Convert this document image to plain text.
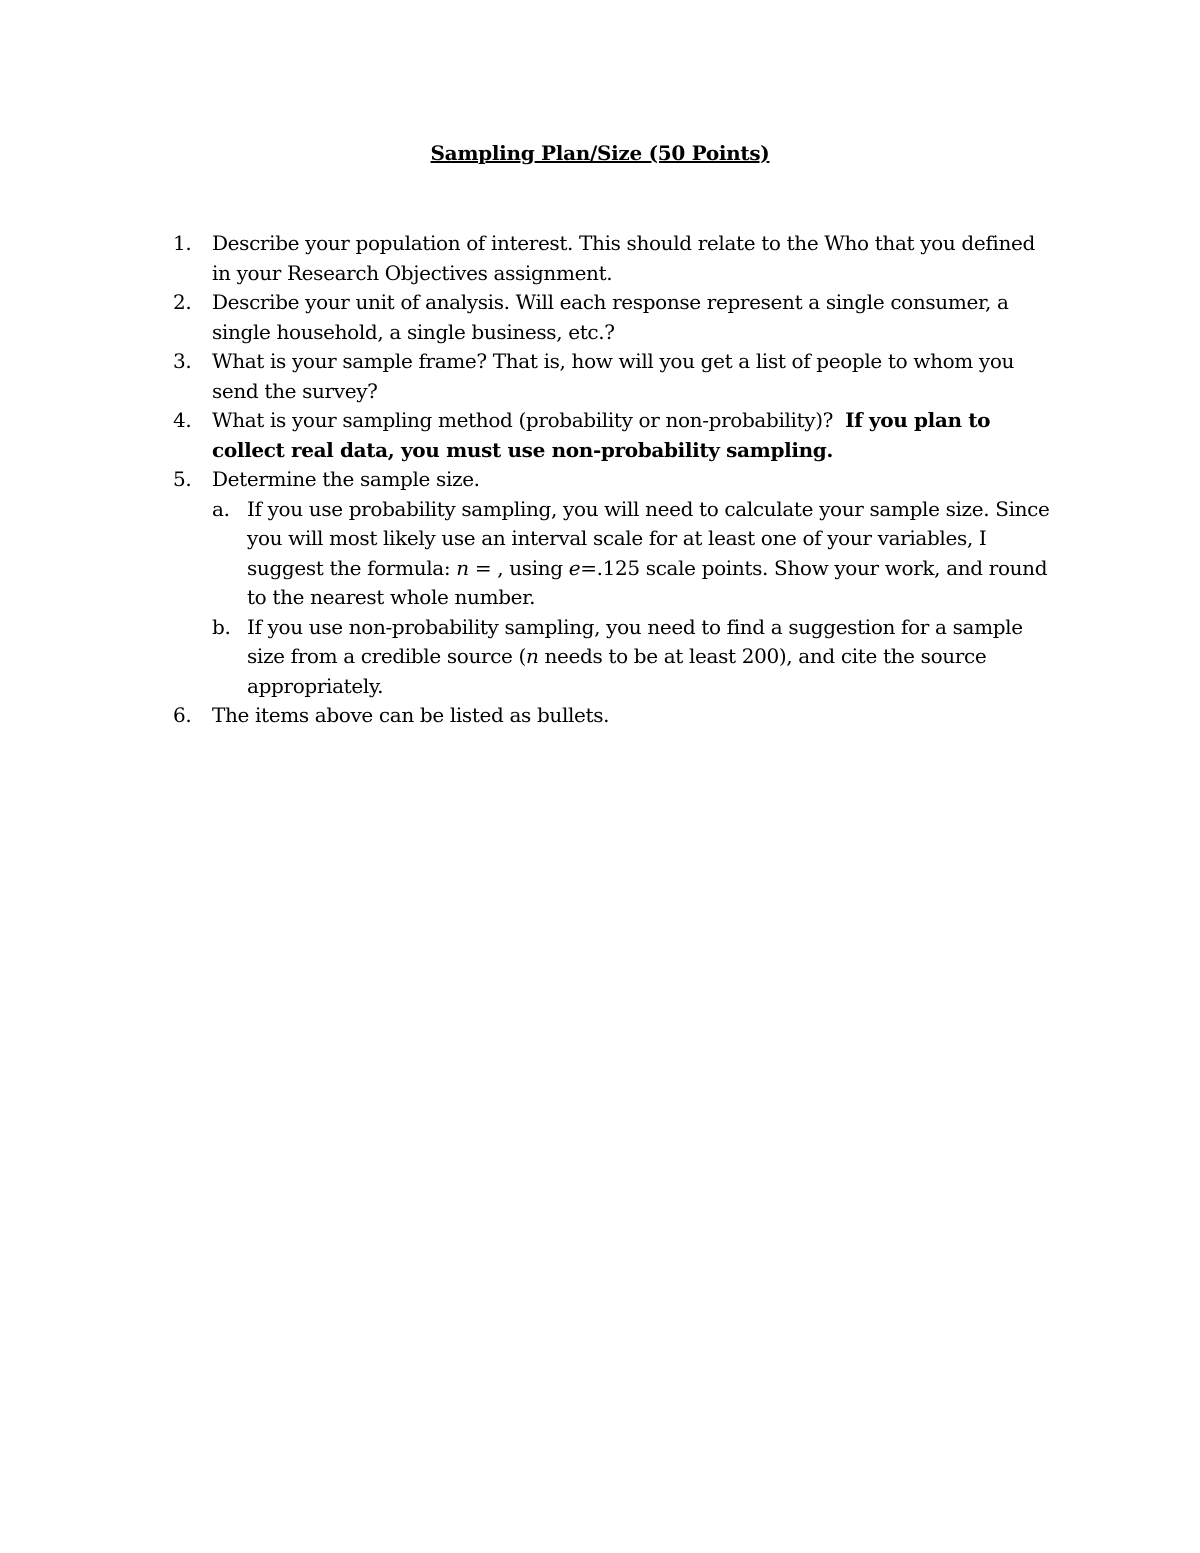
Sampling Plan/Size (50 Points)
1. Describe your population of interest. This should relate to the Who that you defined in your Research Objectives assignment.
2. Describe your unit of analysis. Will each response represent a single consumer, a single household, a single business, etc.?
3. What is your sample frame? That is, how will you get a list of people to whom you send the survey?
4. What is your sampling method (probability or non-probability)? If you plan to collect real data, you must use non-probability sampling.
5. Determine the sample size.
a. If you use probability sampling, you will need to calculate your sample size. Since you will most likely use an interval scale for at least one of your variables, I suggest the formula: n = , using e=.125 scale points. Show your work, and round to the nearest whole number.
b. If you use non-probability sampling, you need to find a suggestion for a sample size from a credible source (n needs to be at least 200), and cite the source appropriately.
6. The items above can be listed as bullets.
